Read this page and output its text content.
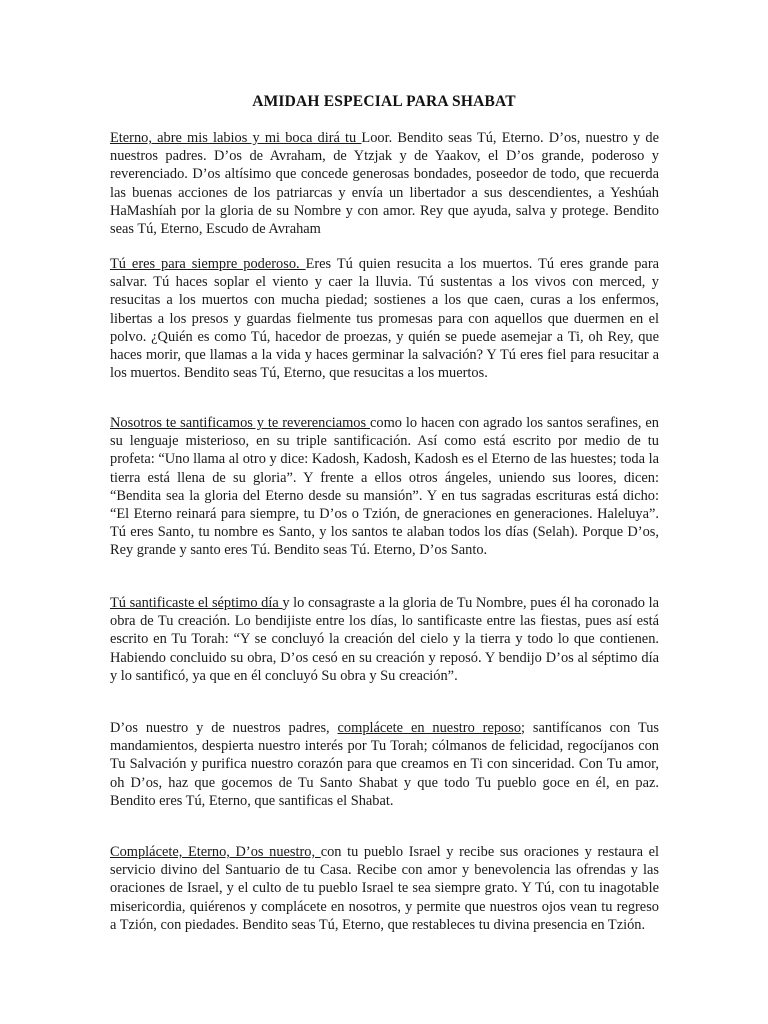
AMIDAH ESPECIAL PARA SHABAT

Eterno, abre mis labios y mi boca dirá tu Loor. Bendito seas Tú, Eterno. D’os, nuestro y de nuestros padres. D’os de Avraham, de Ytzjak y de Yaakov, el D’os grande, poderoso y reverenciado. D’os altísimo que concede generosas bondades, poseedor de todo, que recuerda las buenas acciones de los patriarcas y envía un libertador a sus descendientes, a Yeshúah HaMashíah por la gloria de su Nombre y con amor. Rey que ayuda, salva y protege. Bendito seas Tú, Eterno, Escudo de Avraham

Tú eres para siempre poderoso. Eres Tú quien resucita a los muertos. Tú eres grande para salvar. Tú haces soplar el viento y caer la lluvia. Tú sustentas a los vivos con merced, y resucitas a los muertos con mucha piedad; sostienes a los que caen, curas a los enfermos, libertas a los presos y guardas fielmente tus promesas para con aquellos que duermen en el polvo. ¿Quién es como Tú, hacedor de proezas, y quién se puede asemejar a Ti, oh Rey, que haces morir, que llamas a la vida y haces germinar la salvación? Y Tú eres fiel para resucitar a los muertos. Bendito seas Tú, Eterno, que resucitas a los muertos.

Nosotros te santificamos y te reverenciamos como lo hacen con agrado los santos serafines, en su lenguaje misterioso, en su triple santificación. Así como está escrito por medio de tu profeta: “Uno llama al otro y dice: Kadosh, Kadosh, Kadosh es el Eterno de las huestes; toda la tierra está llena de su gloria”. Y frente a ellos otros ángeles, uniendo sus loores, dicen: “Bendita sea la gloria del Eterno desde su mansión”. Y en tus sagradas escrituras está dicho: “El Eterno reinará para siempre, tu D’os o Tzión, de gneraciones en generaciones. Haleluya”. Tú eres Santo, tu nombre es Santo, y los santos te alaban todos los días (Selah). Porque D’os, Rey grande y santo eres Tú. Bendito seas Tú. Eterno, D’os Santo.

Tú santificaste el séptimo día y lo consagraste a la gloria de Tu Nombre, pues él ha coronado la obra de Tu creación. Lo bendijiste entre los días, lo santificaste entre las fiestas, pues así está escrito en Tu Torah: “Y se concluyó la creación del cielo y la tierra y todo lo que contienen. Habiendo concluido su obra, D’os cesó en su creación y reposó. Y bendijo D’os al séptimo día y lo santificó, ya que en él concluyó Su obra y Su creación”.

D’os nuestro y de nuestros padres, complácete en nuestro reposo; santifícanos con Tus mandamientos, despierta nuestro interés por Tu Torah; cólmanos de felicidad, regocíjanos con Tu Salvación y purifica nuestro corazón para que creamos en Ti con sinceridad. Con Tu amor, oh D’os, haz que gocemos de Tu Santo Shabat y que todo Tu pueblo goce en él, en paz. Bendito eres Tú, Eterno, que santificas el Shabat.

Complácete, Eterno, D’os nuestro, con tu pueblo Israel y recibe sus oraciones y restaura el servicio divino del Santuario de tu Casa. Recibe con amor y benevolencia las ofrendas y las oraciones de Israel, y el culto de tu pueblo Israel te sea siempre grato. Y Tú, con tu inagotable misericordia, quiérenos y complácete en nosotros, y permite que nuestros ojos vean tu regreso a Tzión, con piedades. Bendito seas Tú, Eterno, que restableces tu divina presencia en Tzión.
